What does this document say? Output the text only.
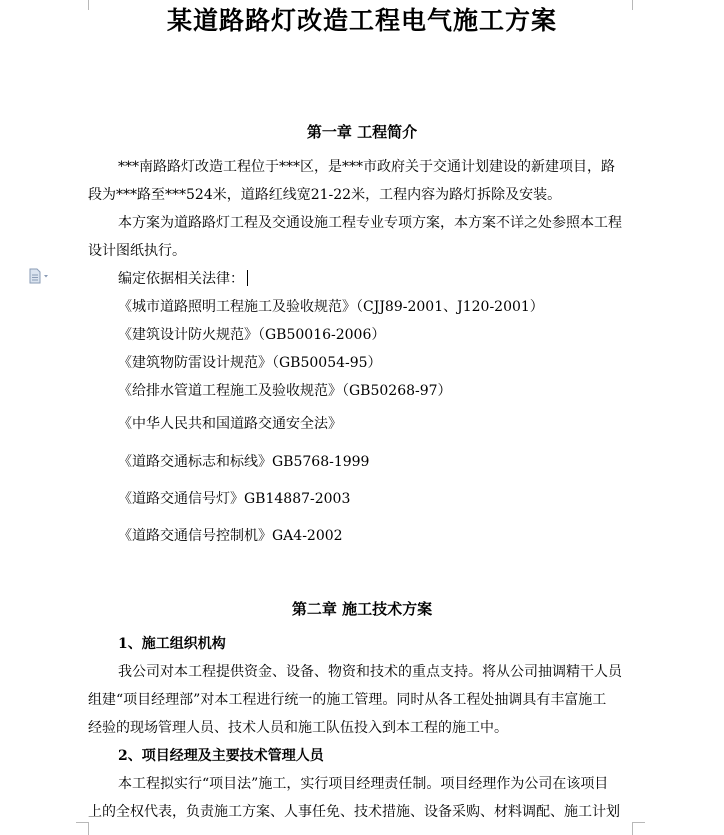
某道路路灯改造工程电气施工方案
第一章 工程简介
***南路路灯改造工程位于***区，是***市政府关于交通计划建设的新建项目，路
段为***路至***524米，道路红线宽21-22米，工程内容为路灯拆除及安装。
本方案为道路路灯工程及交通设施工程专业专项方案，本方案不详之处参照本工程
设计图纸执行。
编定依据相关法律：
《城市道路照明工程施工及验收规范》（CJJ89-2001、J120-2001）
《建筑设计防火规范》（GB50016-2006）
《建筑物防雷设计规范》（GB50054-95）
《给排水管道工程施工及验收规范》（GB50268-97）
《中华人民共和国道路交通安全法》
《道路交通标志和标线》GB5768-1999
《道路交通信号灯》GB14887-2003
《道路交通信号控制机》GA4-2002
第二章 施工技术方案
1、施工组织机构
我公司对本工程提供资金、设备、物资和技术的重点支持。将从公司抽调精干人员
组建“项目经理部”对本工程进行统一的施工管理。同时从各工程处抽调具有丰富施工
经验的现场管理人员、技术人员和施工队伍投入到本工程的施工中。
2、项目经理及主要技术管理人员
本工程拟实行“项目法”施工，实行项目经理责任制。项目经理作为公司在该项目
上的全权代表，负责施工方案、人事任免、技术措施、设备采购、材料调配、施工计划
